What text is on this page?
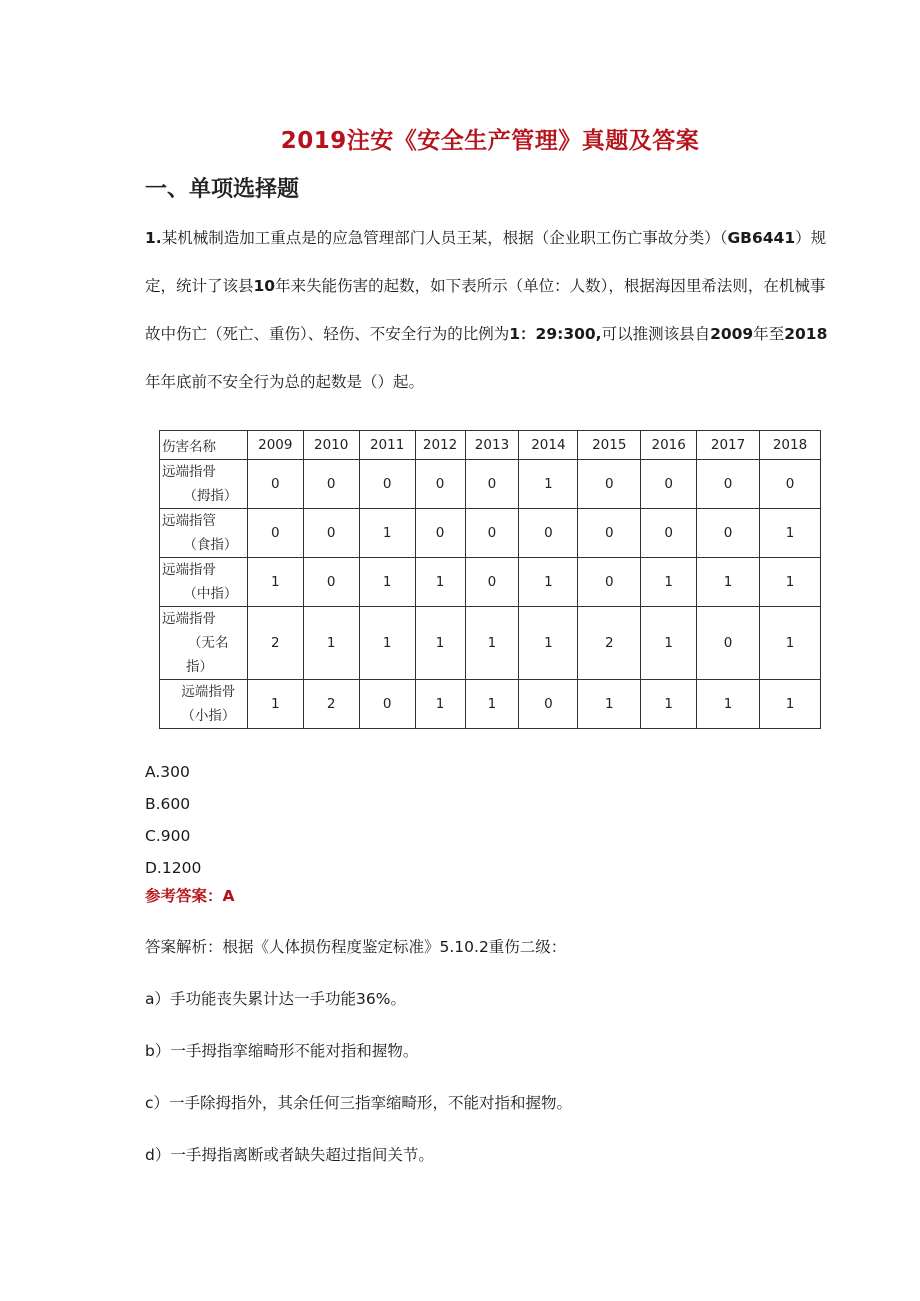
2019注安《安全生产管理》真题及答案
一、单项选择题

1.某机械制造加工重点是的应急管理部门人员王某，根据（企业职工伤亡事故分类）（GB6441）规定，统计了该县10年来失能伤害的起数，如下表所示（单位：人数），根据海因里希法则，在机械事故中伤亡（死亡、重伤）、轻伤、不安全行为的比例为1：29:300,可以推测该县自2009年至2018年年底前不安全行为总的起数是（）起。

伤害名称	2009	2010	2011	2012	2013	2014	2015	2016	2017	2018

远端指骨
（拇指）	0	0	0	0	0	1	0	0	0	0

远端指管
（食指）	0	0	1	0	0	0	0	0	0	1

远端指骨
（中指）	1	0	1	1	0	1	0	1	1	1

远端指骨
（无名
指）	2	1	1	1	1	1	2	1	0	1

远端指骨
（小指）	1	2	0	1	1	0	1	1	1	1
A.300
B.600
C.900
D.1200
参考答案：A

答案解析：根据《人体损伤程度鉴定标准》5.10.2重伤二级：

a）手功能丧失累计达一手功能36%。

b）一手拇指挛缩畸形不能对指和握物。

c）一手除拇指外，其余任何三指挛缩畸形，不能对指和握物。

d）一手拇指离断或者缺失超过指间关节。
